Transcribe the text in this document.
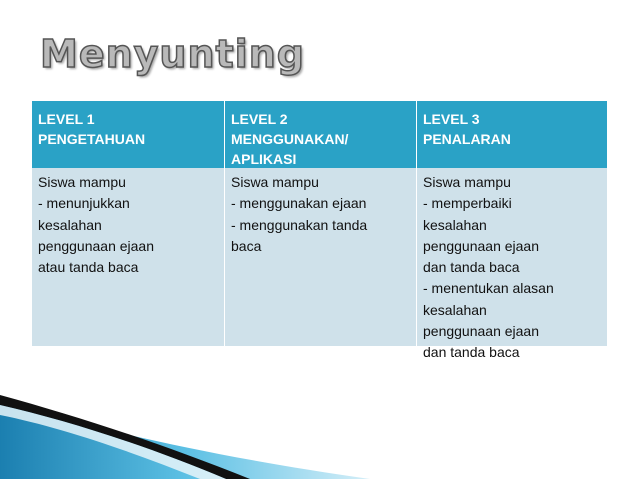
Menyunting
LEVEL 1
PENGETAHUAN
LEVEL 2
MENGGUNAKAN/
APLIKASI
LEVEL 3
PENALARAN
Siswa mampu
- menunjukkan
kesalahan
penggunaan ejaan
atau tanda baca
Siswa mampu
- menggunakan ejaan
- menggunakan tanda
baca
Siswa mampu
- memperbaiki
kesalahan
penggunaan ejaan
dan tanda baca
- menentukan alasan
kesalahan
penggunaan ejaan
dan tanda baca
